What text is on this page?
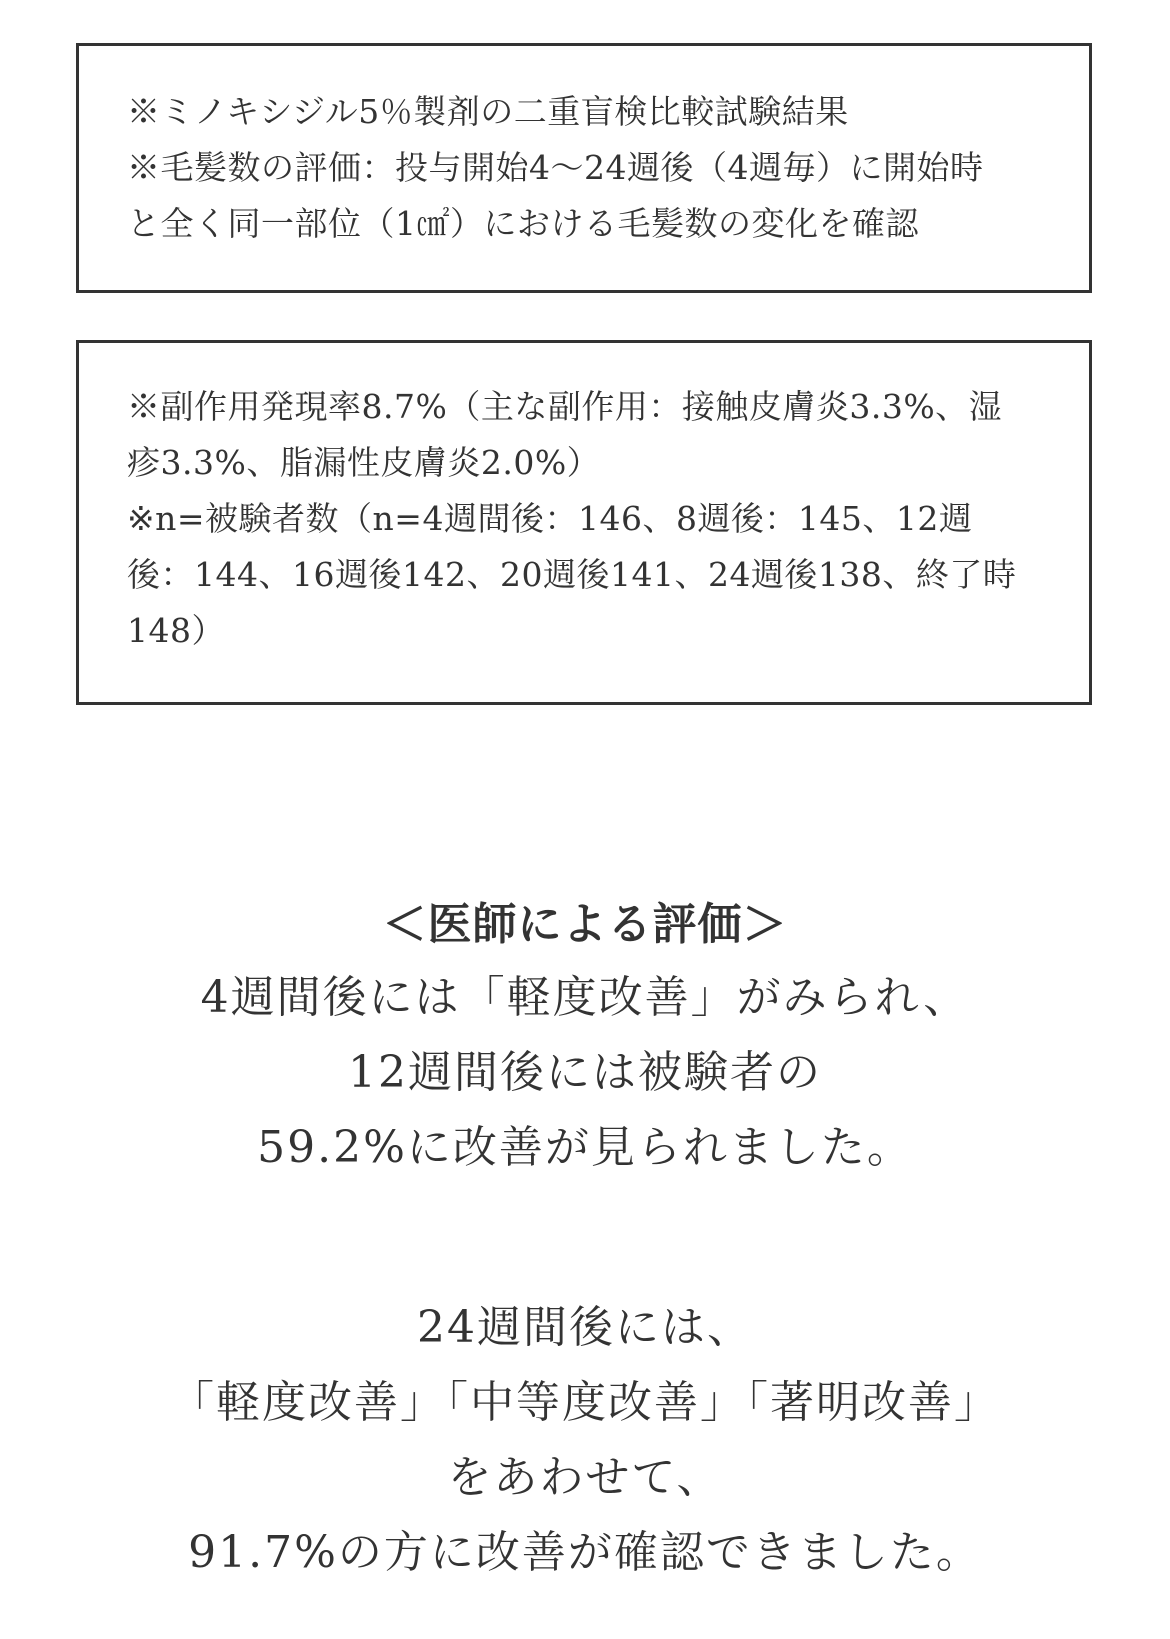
※ミノキシジル5％製剤の二重盲検比較試験結果
※毛髪数の評価：投与開始4〜24週後（4週毎）に開始時
と全く同一部位（1㎠）における毛髪数の変化を確認
※副作用発現率8.7%（主な副作用：接触皮膚炎3.3%、湿
疹3.3%、脂漏性皮膚炎2.0%）
※n=被験者数（n=4週間後：146、8週後：145、12週
後：144、16週後142、20週後141、24週後138、終了時
148）
＜医師による評価＞
4週間後には「軽度改善」がみられ、
12週間後には被験者の
59.2%に改善が見られました。
24週間後には、
「軽度改善」「中等度改善」「著明改善」
をあわせて、
91.7%の方に改善が確認できました。
